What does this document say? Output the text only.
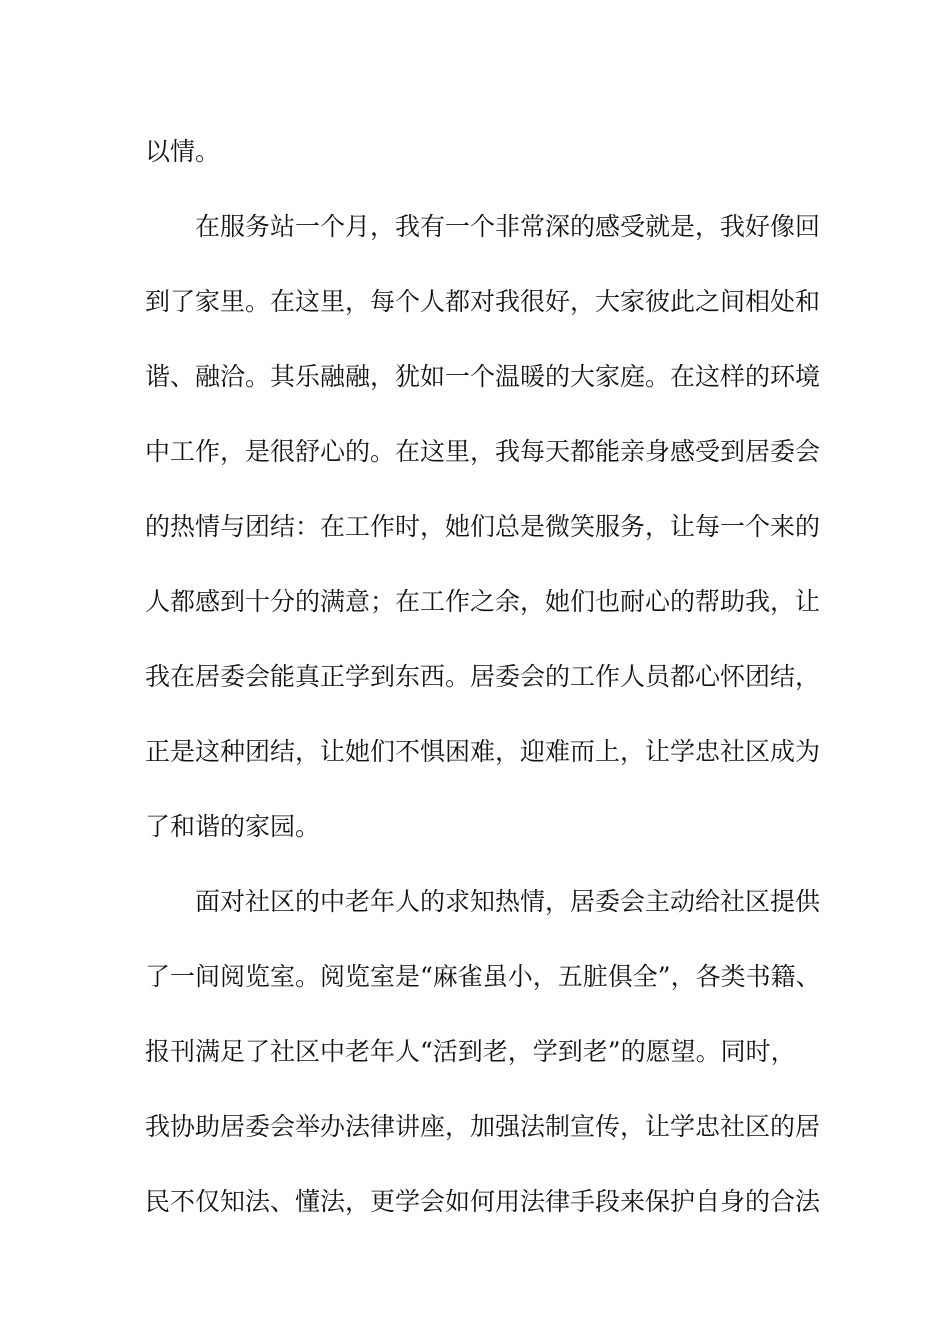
以情。
在服务站一个月，我有一个非常深的感受就是，我好像回
到了家里。在这里，每个人都对我很好，大家彼此之间相处和
谐、融洽。其乐融融，犹如一个温暖的大家庭。在这样的环境
中工作，是很舒心的。在这里，我每天都能亲身感受到居委会
的热情与团结：在工作时，她们总是微笑服务，让每一个来的
人都感到十分的满意；在工作之余，她们也耐心的帮助我，让
我在居委会能真正学到东西。居委会的工作人员都心怀团结，
正是这种团结，让她们不惧困难，迎难而上，让学忠社区成为
了和谐的家园。
面对社区的中老年人的求知热情，居委会主动给社区提供
了一间阅览室。阅览室是“麻雀虽小，五脏俱全”，各类书籍、
报刊满足了社区中老年人“活到老，学到老”的愿望。同时，
我协助居委会举办法律讲座，加强法制宣传，让学忠社区的居
民不仅知法、懂法，更学会如何用法律手段来保护自身的合法
